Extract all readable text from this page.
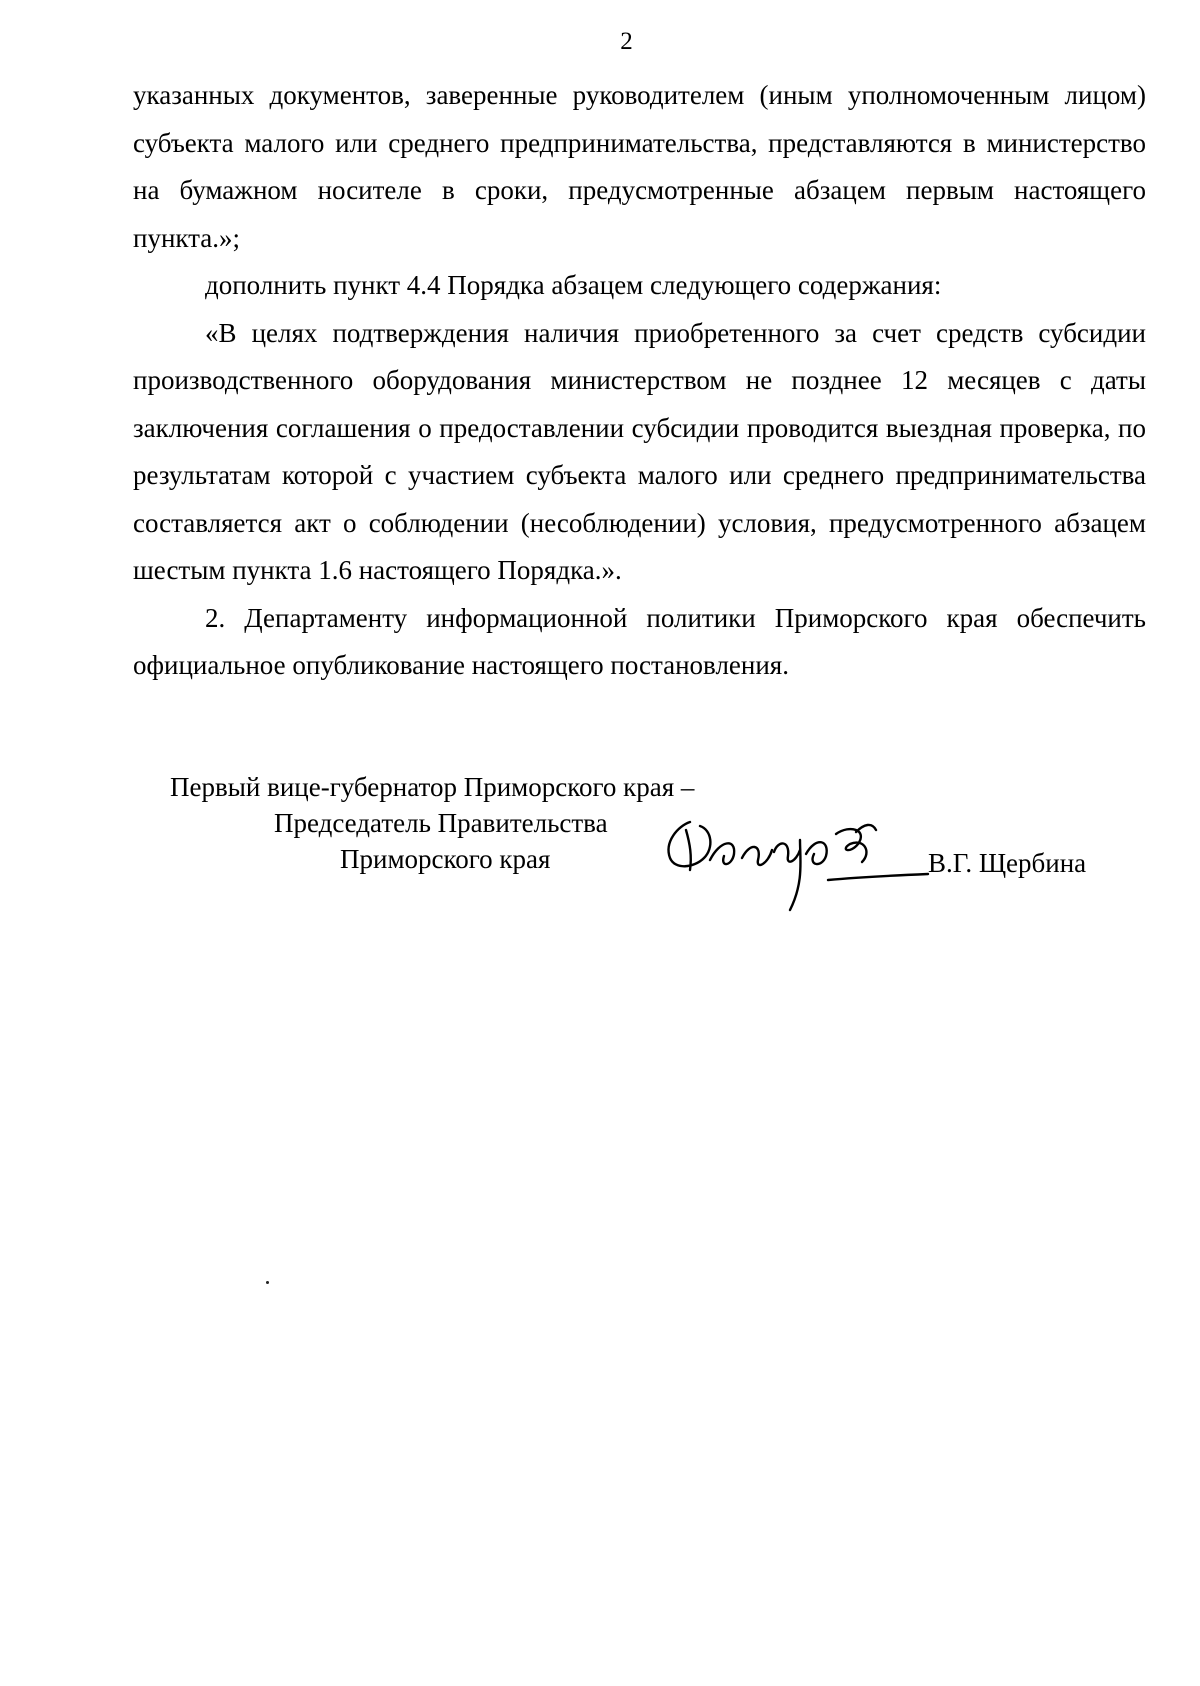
2

указанных документов, заверенные руководителем (иным уполномоченным лицом) субъекта малого или среднего предпринимательства, представляются в министерство на бумажном носителе в сроки, предусмотренные абзацем первым настоящего пункта.»;

дополнить пункт 4.4 Порядка абзацем следующего содержания:

«В целях подтверждения наличия приобретенного за счет средств субсидии производственного оборудования министерством не позднее 12 месяцев с даты заключения соглашения о предоставлении субсидии проводится выездная проверка, по результатам которой с участием субъекта малого или среднего предпринимательства составляется акт о соблюдении (несоблюдении) условия, предусмотренного абзацем шестым пункта 1.6 настоящего Порядка.».

2. Департаменту информационной политики Приморского края обеспечить официальное опубликование настоящего постановления.

Первый вице-губернатор Приморского края –
Председатель Правительства
Приморского края	В.Г. Щербина
